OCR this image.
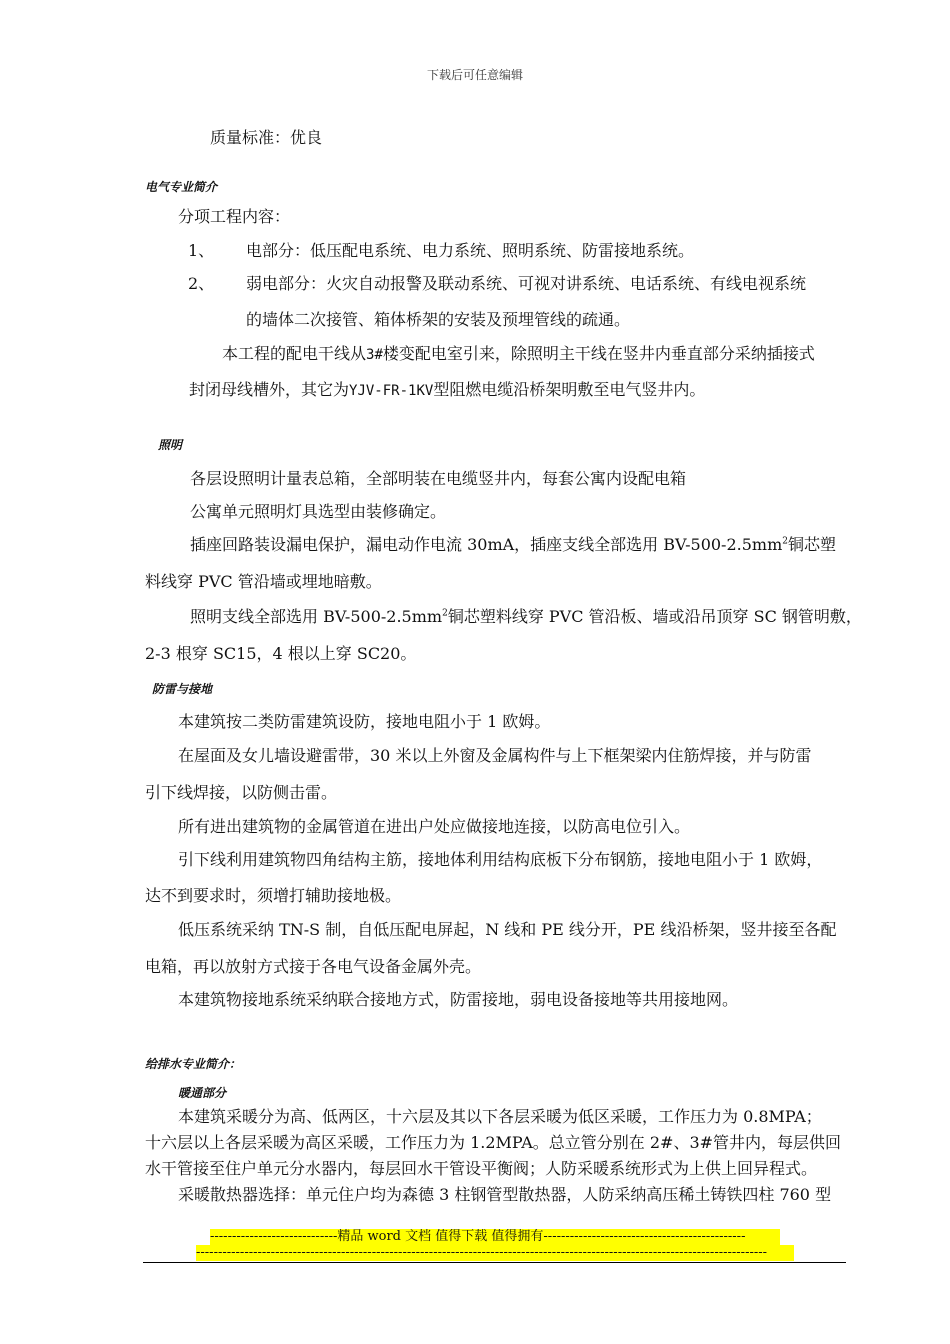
下载后可任意编辑
质量标准：优良
电气专业简介
分项工程内容：
1、 电部分：低压配电系统、电力系统、照明系统、防雷接地系统。
2、 弱电部分：火灾自动报警及联动系统、可视对讲系统、电话系统、有线电视系统
的墙体二次接管、箱体桥架的安装及预埋管线的疏通。
本工程的配电干线从3#楼变配电室引来，除照明主干线在竖井内垂直部分采纳插接式
封闭母线槽外，其它为YJV-FR-1KV型阻燃电缆沿桥架明敷至电气竖井内。
照明
各层设照明计量表总箱，全部明装在电缆竖井内，每套公寓内设配电箱
公寓单元照明灯具选型由装修确定。
插座回路装设漏电保护，漏电动作电流 30mA，插座支线全部选用 $BV-500-2.5mm^2$铜芯塑
料线穿 PVC 管沿墙或埋地暗敷。
照明支线全部选用 $BV-500-2.5mm^2$铜芯塑料线穿 PVC 管沿板、墙或沿吊顶穿 SC 钢管明敷，
2-3 根穿 SC15，4 根以上穿 SC20。
防雷与接地
本建筑按二类防雷建筑设防，接地电阻小于 1 欧姆。
在屋面及女儿墙设避雷带，30 米以上外窗及金属构件与上下框架梁内住筋焊接，并与防雷
引下线焊接，以防侧击雷。
所有进出建筑物的金属管道在进出户处应做接地连接，以防高电位引入。
引下线利用建筑物四角结构主筋，接地体利用结构底板下分布钢筋，接地电阻小于 1 欧姆，
达不到要求时，须增打辅助接地极。
低压系统采纳 TN-S 制，自低压配电屏起，N 线和 PE 线分开，PE 线沿桥架，竖井接至各配
电箱，再以放射方式接于各电气设备金属外壳。
本建筑物接地系统采纳联合接地方式，防雷接地，弱电设备接地等共用接地网。
给排水专业简介：
暖通部分
本建筑采暖分为高、低两区，十六层及其以下各层采暖为低区采暖，工作压力为 0.8MPA；
十六层以上各层采暖为高区采暖，工作压力为 1.2MPA。总立管分别在 2#、3#管井内，每层供回
水干管接至住户单元分水器内，每层回水干管设平衡阀；人防采暖系统形式为上供上回异程式。
采暖散热器选择：单元住户均为森德 3 柱钢管型散热器，人防采纳高压稀土铸铁四柱 760 型
-----------------------------精品 word 文档 值得下载 值得拥有----------------------------------------------
----------------------------------------------------------------------------------------------------------------------------------
